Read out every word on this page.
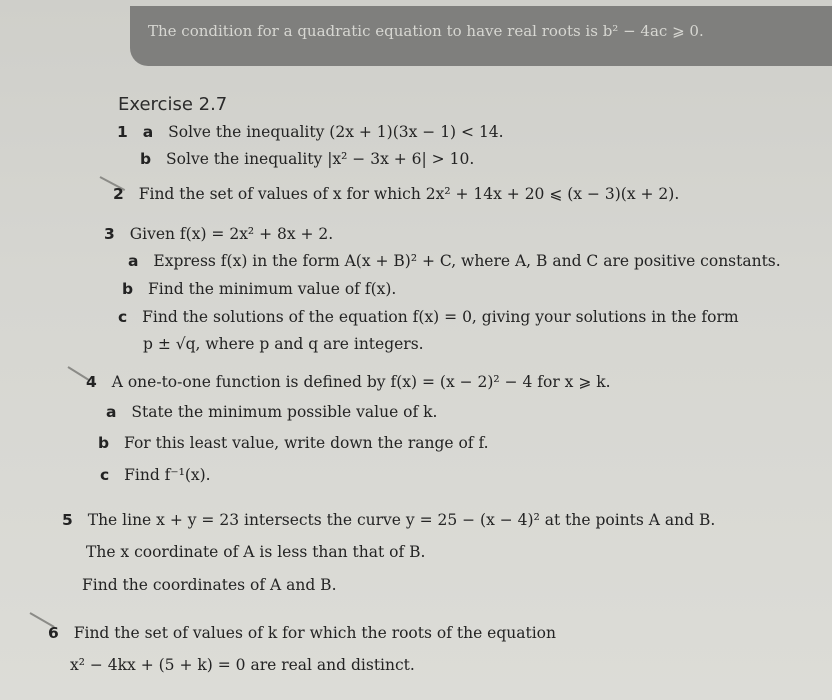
The condition for a quadratic equation to have real roots is b² − 4ac ⩾ 0.
Exercise 2.7
1 a Solve the inequality (2x + 1)(3x − 1) < 14.
b Solve the inequality |x² − 3x + 6| > 10.
2 Find the set of values of x for which 2x² + 14x + 20 ⩽ (x − 3)(x + 2).
3 Given f(x) = 2x² + 8x + 2.
a Express f(x) in the form A(x + B)² + C, where A, B and C are positive constants.
b Find the minimum value of f(x).
c Find the solutions of the equation f(x) = 0, giving your solutions in the form
p ± √q, where p and q are integers.
4 A one-to-one function is defined by f(x) = (x − 2)² − 4 for x ⩾ k.
a State the minimum possible value of k.
b For this least value, write down the range of f.
c Find f⁻¹(x).
5 The line x + y = 23 intersects the curve y = 25 − (x − 4)² at the points A and B.
The x coordinate of A is less than that of B.
Find the coordinates of A and B.
6 Find the set of values of k for which the roots of the equation
x² − 4kx + (5 + k) = 0 are real and distinct.
